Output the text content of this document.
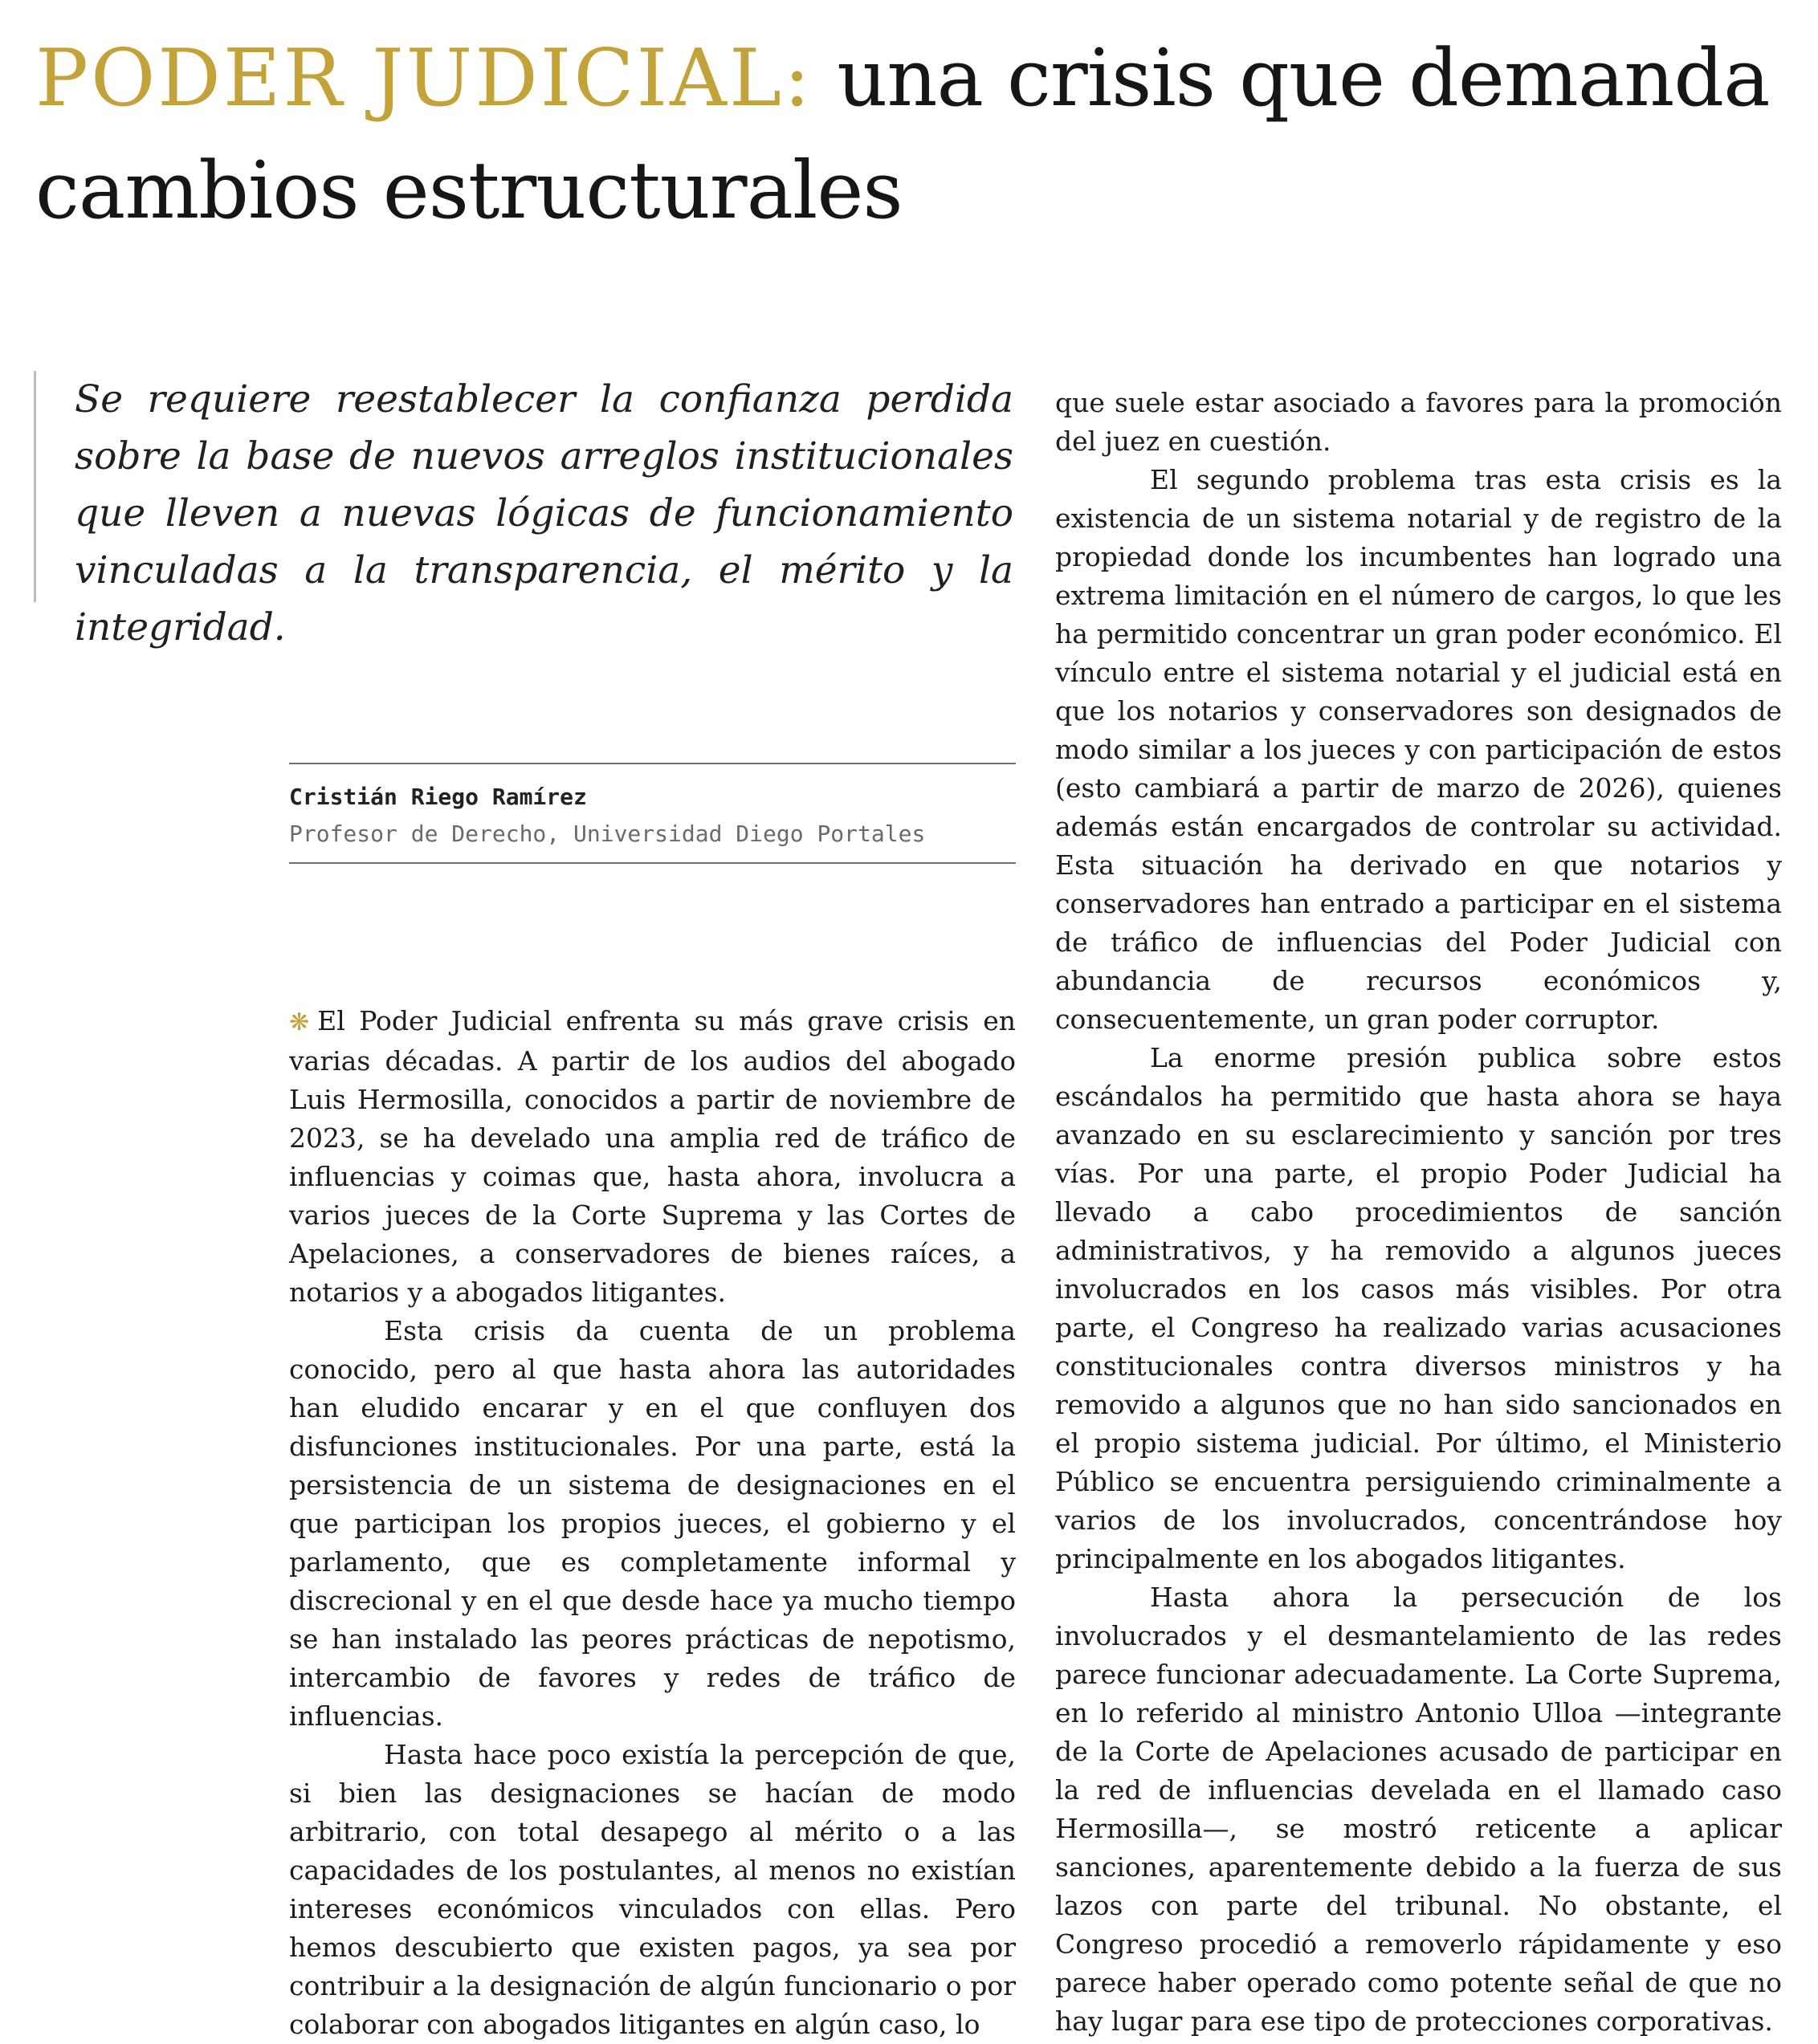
PODER JUDICIAL: una crisis que demanda cambios estructurales
Se requiere reestablecer la confianza perdida sobre la base de nuevos arreglos institucionales que lleven a nuevas lógicas de funcionamiento vinculadas a la transparencia, el mérito y la integridad.
Cristián Riego Ramírez
Profesor de Derecho, Universidad Diego Portales

❋ El Poder Judicial enfrenta su más grave crisis en varias décadas. A partir de los audios del abogado Luis Hermosilla, conocidos a partir de noviembre de 2023, se ha develado una amplia red de tráfico de influencias y coimas que, hasta ahora, involucra a varios jueces de la Corte Suprema y las Cortes de Apelaciones, a conservadores de bienes raíces, a notarios y a abogados litigantes.

Esta crisis da cuenta de un problema conocido, pero al que hasta ahora las autoridades han eludido encarar y en el que confluyen dos disfunciones institucionales. Por una parte, está la persistencia de un sistema de designaciones en el que participan los propios jueces, el gobierno y el parlamento, que es completamente informal y discrecional y en el que desde hace ya mucho tiempo se han instalado las peores prácticas de nepotismo, intercambio de favores y redes de tráfico de influencias.

Hasta hace poco existía la percepción de que, si bien las designaciones se hacían de modo arbitrario, con total desapego al mérito o a las capacidades de los postulantes, al menos no existían intereses económicos vinculados con ellas. Pero hemos descubierto que existen pagos, ya sea por contribuir a la designación de algún funcionario o por colaborar con abogados litigantes en algún caso, lo

que suele estar asociado a favores para la promoción del juez en cuestión.

El segundo problema tras esta crisis es la existencia de un sistema notarial y de registro de la propiedad donde los incumbentes han logrado una extrema limitación en el número de cargos, lo que les ha permitido concentrar un gran poder económico. El vínculo entre el sistema notarial y el judicial está en que los notarios y conservadores son designados de modo similar a los jueces y con participación de estos (esto cambiará a partir de marzo de 2026), quienes además están encargados de controlar su actividad. Esta situación ha derivado en que notarios y conservadores han entrado a participar en el sistema de tráfico de influencias del Poder Judicial con abundancia de recursos económicos y, consecuentemente, un gran poder corruptor.

La enorme presión publica sobre estos escándalos ha permitido que hasta ahora se haya avanzado en su esclarecimiento y sanción por tres vías. Por una parte, el propio Poder Judicial ha llevado a cabo procedimientos de sanción administrativos, y ha removido a algunos jueces involucrados en los casos más visibles. Por otra parte, el Congreso ha realizado varias acusaciones constitucionales contra diversos ministros y ha removido a algunos que no han sido sancionados en el propio sistema judicial. Por último, el Ministerio Público se encuentra persiguiendo criminalmente a varios de los involucrados, concentrándose hoy principalmente en los abogados litigantes.

Hasta ahora la persecución de los involucrados y el desmantelamiento de las redes parece funcionar adecuadamente. La Corte Suprema, en lo referido al ministro Antonio Ulloa —integrante de la Corte de Apelaciones acusado de participar en la red de influencias develada en el llamado caso Hermosilla—, se mostró reticente a aplicar sanciones, aparentemente debido a la fuerza de sus lazos con parte del tribunal. No obstante, el Congreso procedió a removerlo rápidamente y eso parece haber operado como potente señal de que no hay lugar para ese tipo de protecciones corporativas.
